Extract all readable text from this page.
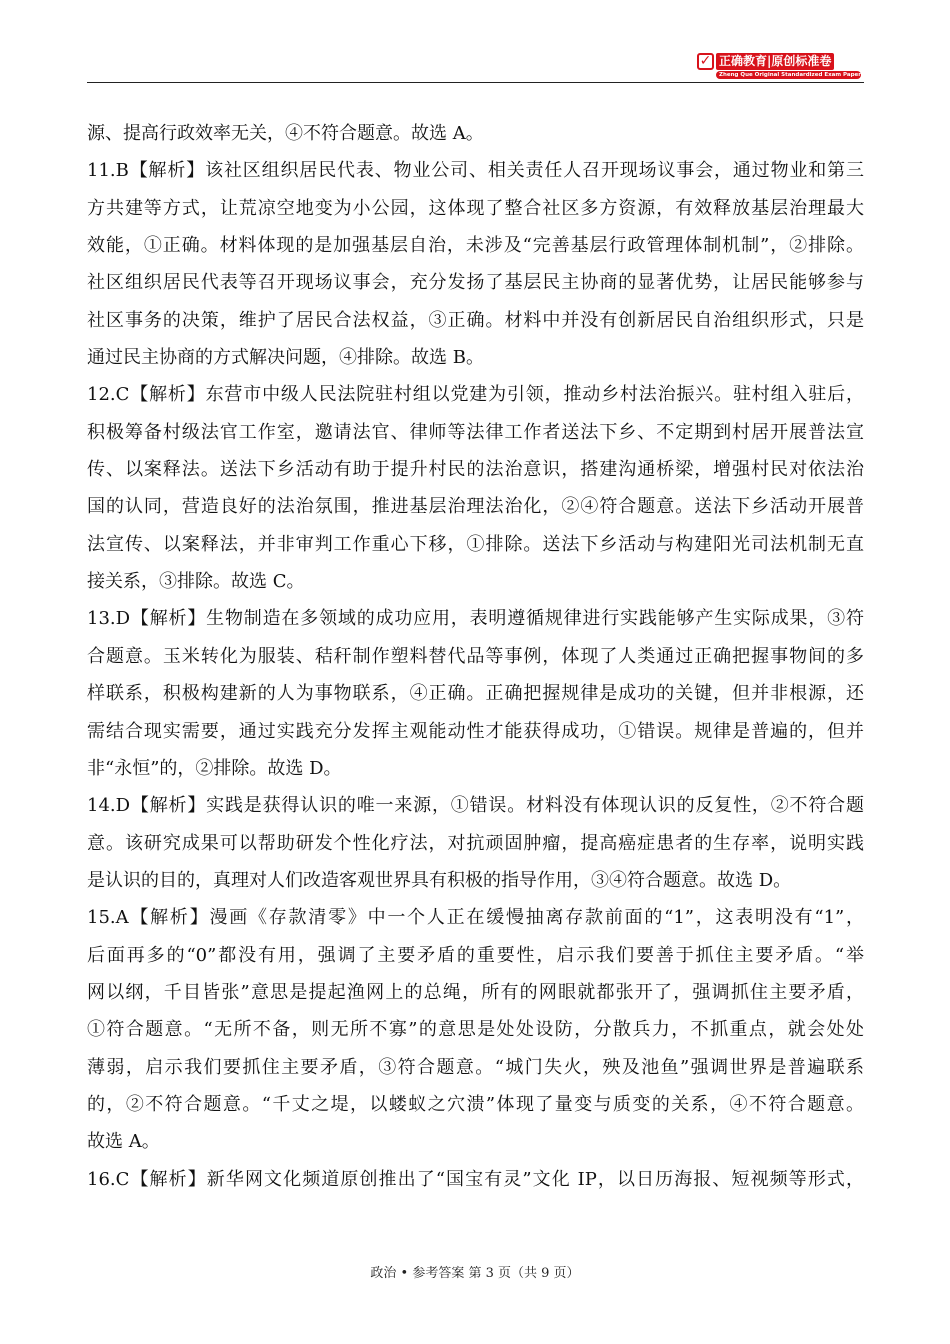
✓ 正确教育|原创标准卷
Zheng Que Original Standardized Exam Paper
源、提高行政效率无关，④不符合题意。故选 A。
11.B【解析】该社区组织居民代表、物业公司、相关责任人召开现场议事会，通过物业和第三
方共建等方式，让荒凉空地变为小公园，这体现了整合社区多方资源，有效释放基层治理最大
效能，①正确。材料体现的是加强基层自治，未涉及“完善基层行政管理体制机制”，②排除。
社区组织居民代表等召开现场议事会，充分发扬了基层民主协商的显著优势，让居民能够参与
社区事务的决策，维护了居民合法权益，③正确。材料中并没有创新居民自治组织形式，只是
通过民主协商的方式解决问题，④排除。故选 B。
12.C【解析】东营市中级人民法院驻村组以党建为引领，推动乡村法治振兴。驻村组入驻后，
积极筹备村级法官工作室，邀请法官、律师等法律工作者送法下乡、不定期到村居开展普法宣
传、以案释法。送法下乡活动有助于提升村民的法治意识，搭建沟通桥梁，增强村民对依法治
国的认同，营造良好的法治氛围，推进基层治理法治化，②④符合题意。送法下乡活动开展普
法宣传、以案释法，并非审判工作重心下移，①排除。送法下乡活动与构建阳光司法机制无直
接关系，③排除。故选 C。
13.D【解析】生物制造在多领域的成功应用，表明遵循规律进行实践能够产生实际成果，③符
合题意。玉米转化为服装、秸秆制作塑料替代品等事例，体现了人类通过正确把握事物间的多
样联系，积极构建新的人为事物联系，④正确。正确把握规律是成功的关键，但并非根源，还
需结合现实需要，通过实践充分发挥主观能动性才能获得成功，①错误。规律是普遍的，但并
非“永恒”的，②排除。故选 D。
14.D【解析】实践是获得认识的唯一来源，①错误。材料没有体现认识的反复性，②不符合题
意。该研究成果可以帮助研发个性化疗法，对抗顽固肿瘤，提高癌症患者的生存率，说明实践
是认识的目的，真理对人们改造客观世界具有积极的指导作用，③④符合题意。故选 D。
15.A【解析】漫画《存款清零》中一个人正在缓慢抽离存款前面的“1”，这表明没有“1”，
后面再多的“0”都没有用，强调了主要矛盾的重要性，启示我们要善于抓住主要矛盾。“举
网以纲，千目皆张”意思是提起渔网上的总绳，所有的网眼就都张开了，强调抓住主要矛盾，
①符合题意。“无所不备，则无所不寡”的意思是处处设防，分散兵力，不抓重点，就会处处
薄弱，启示我们要抓住主要矛盾，③符合题意。“城门失火，殃及池鱼”强调世界是普遍联系
的，②不符合题意。“千丈之堤，以蝼蚁之穴溃”体现了量变与质变的关系，④不符合题意。
故选 A。
16.C【解析】新华网文化频道原创推出了“国宝有灵”文化 IP，以日历海报、短视频等形式，
政治 • 参考答案 第 3 页（共 9 页）
